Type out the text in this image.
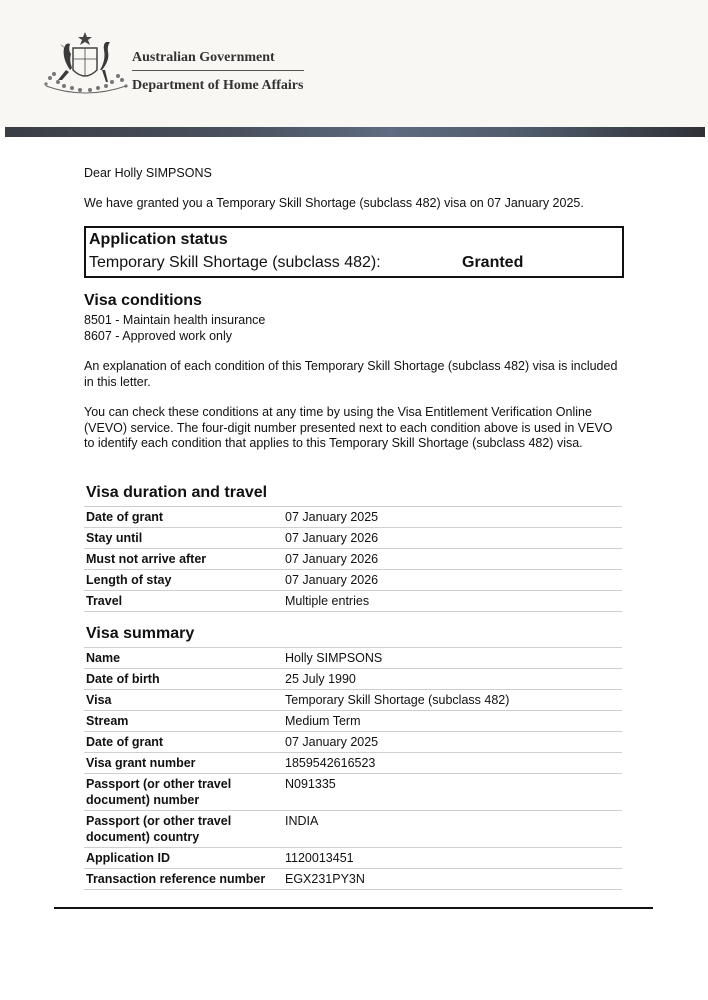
Australian Government
Department of Home Affairs

Dear Holly SIMPSONS

We have granted you a Temporary Skill Shortage (subclass 482) visa on 07 January 2025.

Application status
Temporary Skill Shortage (subclass 482):	Granted
Visa conditions
8501 - Maintain health insurance
8607 - Approved work only

An explanation of each condition of this Temporary Skill Shortage (subclass 482) visa is included in this letter.

You can check these conditions at any time by using the Visa Entitlement Verification Online (VEVO) service. The four-digit number presented next to each condition above is used in VEVO to identify each condition that applies to this Temporary Skill Shortage (subclass 482) visa.

Visa duration and travel
Date of grant	07 January 2025
Stay until	07 January 2026
Must not arrive after	07 January 2026
Length of stay	07 January 2026
Travel	Multiple entries
Visa summary
Name	Holly SIMPSONS
Date of birth	25 July 1990
Visa	Temporary Skill Shortage (subclass 482)
Stream	Medium Term
Date of grant	07 January 2025
Visa grant number	1859542616523
Passport (or other travel document) number	N091335
Passport (or other travel document) country	INDIA
Application ID	1120013451
Transaction reference number	EGX231PY3N
